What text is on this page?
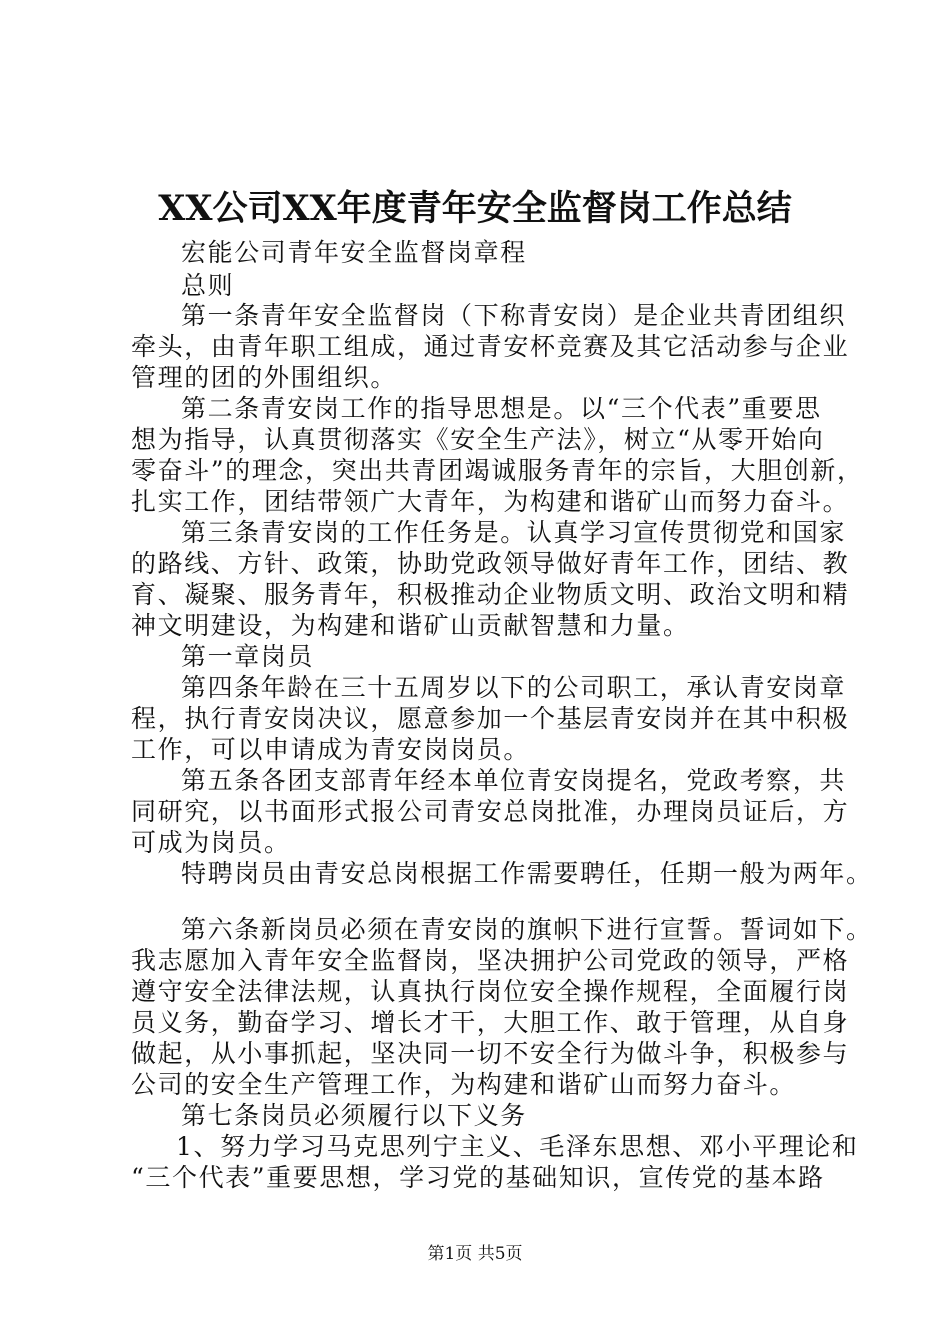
XX公司XX年度青年安全监督岗工作总结
宏能公司青年安全监督岗章程
总则
第一条青年安全监督岗（下称青安岗）是企业共青团组织
牵头，由青年职工组成，通过青安杯竞赛及其它活动参与企业
管理的团的外围组织。
第二条青安岗工作的指导思想是。以“三个代表”重要思
想为指导，认真贯彻落实《安全生产法》，树立“从零开始向
零奋斗”的理念，突出共青团竭诚服务青年的宗旨，大胆创新，
扎实工作，团结带领广大青年，为构建和谐矿山而努力奋斗。
第三条青安岗的工作任务是。认真学习宣传贯彻党和国家
的路线、方针、政策，协助党政领导做好青年工作，团结、教
育、凝聚、服务青年，积极推动企业物质文明、政治文明和精
神文明建设，为构建和谐矿山贡献智慧和力量。
第一章岗员
第四条年龄在三十五周岁以下的公司职工，承认青安岗章
程，执行青安岗决议，愿意参加一个基层青安岗并在其中积极
工作，可以申请成为青安岗岗员。
第五条各团支部青年经本单位青安岗提名，党政考察，共
同研究，以书面形式报公司青安总岗批准，办理岗员证后，方
可成为岗员。
特聘岗员由青安总岗根据工作需要聘任，任期一般为两年。
第六条新岗员必须在青安岗的旗帜下进行宣誓。誓词如下。
我志愿加入青年安全监督岗，坚决拥护公司党政的领导，严格
遵守安全法律法规，认真执行岗位安全操作规程，全面履行岗
员义务，勤奋学习、增长才干，大胆工作、敢于管理，从自身
做起，从小事抓起，坚决同一切不安全行为做斗争，积极参与
公司的安全生产管理工作，为构建和谐矿山而努力奋斗。
第七条岗员必须履行以下义务
1、努力学习马克思列宁主义、毛泽东思想、邓小平理论和
“三个代表”重要思想，学习党的基础知识，宣传党的基本路
第1页 共5页
